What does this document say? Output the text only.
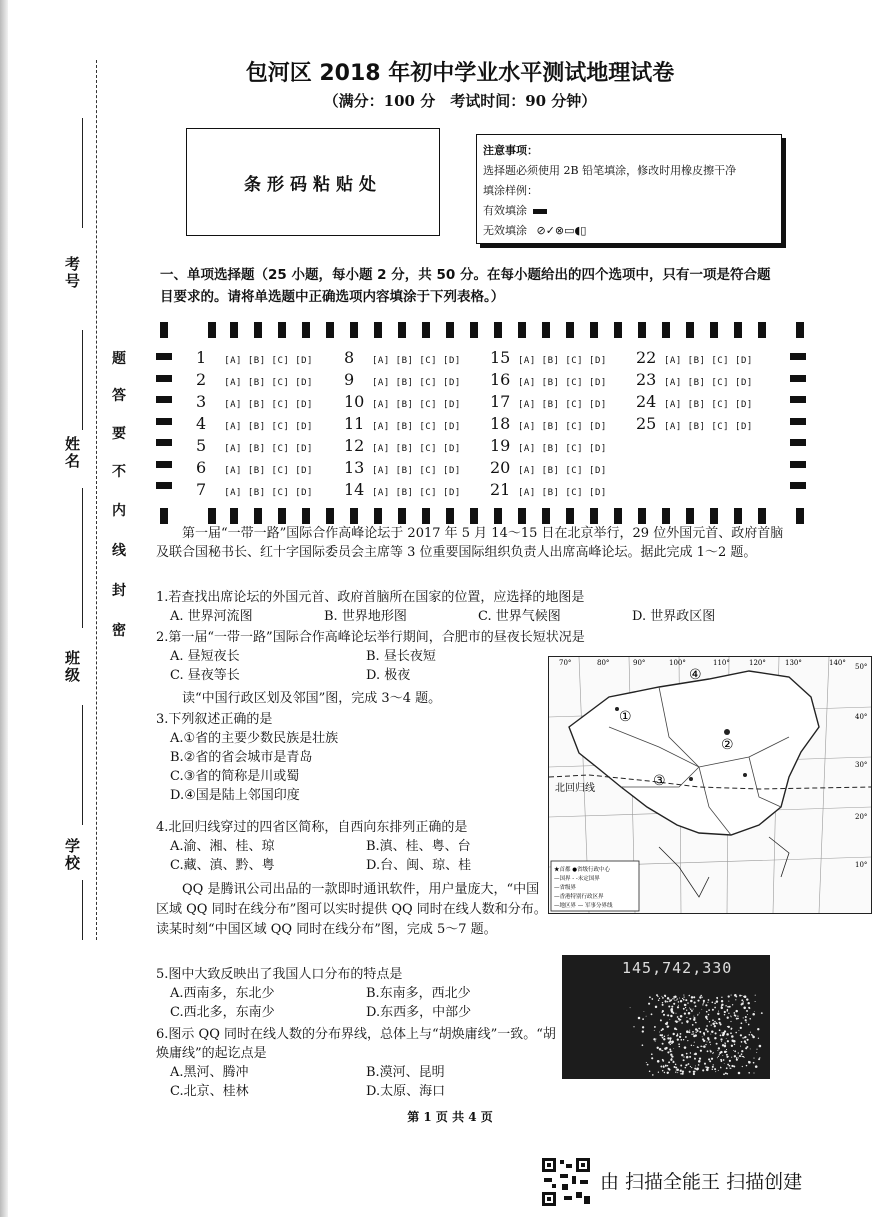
考号
姓名
班级
学校
题
答
要
不
内
线
封
密
包河区 2018 年初中学业水平测试地理试卷
（满分：100 分　考试时间：90 分钟）
条形码粘贴处
注意事项：
选择题必须使用 2B 铅笔填涂，修改时用橡皮擦干净
填涂样例：
有效填涂
无效填涂 ⊘✓⊗▭◖▯
一、单项选择题（25 小题，每小题 2 分，共 50 分。在每小题给出的四个选项中，只有一项是符合题目要求的。请将单选题中正确选项内容填涂于下列表格。）
1 [A] [B] [C] [D]
2 [A] [B] [C] [D]
3 [A] [B] [C] [D]
4 [A] [B] [C] [D]
5 [A] [B] [C] [D]
6 [A] [B] [C] [D]
7 [A] [B] [C] [D]
8 [A] [B] [C] [D]
9 [A] [B] [C] [D]
10 [A] [B] [C] [D]
11 [A] [B] [C] [D]
12 [A] [B] [C] [D]
13 [A] [B] [C] [D]
14 [A] [B] [C] [D]
15 [A] [B] [C] [D]
16 [A] [B] [C] [D]
17 [A] [B] [C] [D]
18 [A] [B] [C] [D]
19 [A] [B] [C] [D]
20 [A] [B] [C] [D]
21 [A] [B] [C] [D]
22 [A] [B] [C] [D]
23 [A] [B] [C] [D]
24 [A] [B] [C] [D]
25 [A] [B] [C] [D]
第一届“一带一路”国际合作高峰论坛于 2017 年 5 月 14～15 日在北京举行，29 位外国元首、政府首脑及联合国秘书长、红十字国际委员会主席等 3 位重要国际组织负责人出席高峰论坛。据此完成 1～2 题。
1.若查找出席论坛的外国元首、政府首脑所在国家的位置，应选择的地图是
A. 世界河流图	B. 世界地形图	C. 世界气候图	D. 世界政区图
2.第一届“一带一路”国际合作高峰论坛举行期间，合肥市的昼夜长短状况是
A. 昼短夜长	B. 昼长夜短
C. 昼夜等长	D. 极夜
读“中国行政区划及邻国”图，完成 3～4 题。
3.下列叙述正确的是
A.①省的主要少数民族是壮族
B.②省的省会城市是青岛
C.③省的简称是川或蜀
D.④国是陆上邻国印度
4.北回归线穿过的四省区简称，自西向东排列正确的是
A.渝、湘、桂、琼	B.滇、桂、粤、台
C.藏、滇、黔、粤	D.台、闽、琼、桂
QQ 是腾讯公司出品的一款即时通讯软件，用户量庞大，“中国区域 QQ 同时在线分布”图可以实时提供 QQ 同时在线人数和分布。读某时刻“中国区域 QQ 同时在线分布”图，完成 5～7 题。
5.图中大致反映出了我国人口分布的特点是
A.西南多，东北少	B.东南多，西北少
C.西北多，东南少	D.东西多，中部少
6.图示 QQ 同时在线人数的分布界线，总体上与“胡焕庸线”一致。“胡焕庸线”的起讫点是
A.黑河、腾冲	B.漠河、昆明
C.北京、桂林	D.太原、海口
①
②
③
④
北回归线
70°	80°	90°	100°	110°	120°	130°	140° 50°
40°
30°
20°
10°
★首都 ●省级行政中心
—国界 - -未定国界
—省级界
—香港特别行政区界
—地区界 — 军事分界线
145,742,330
第 1 页 共 4 页
由 扫描全能王 扫描创建
